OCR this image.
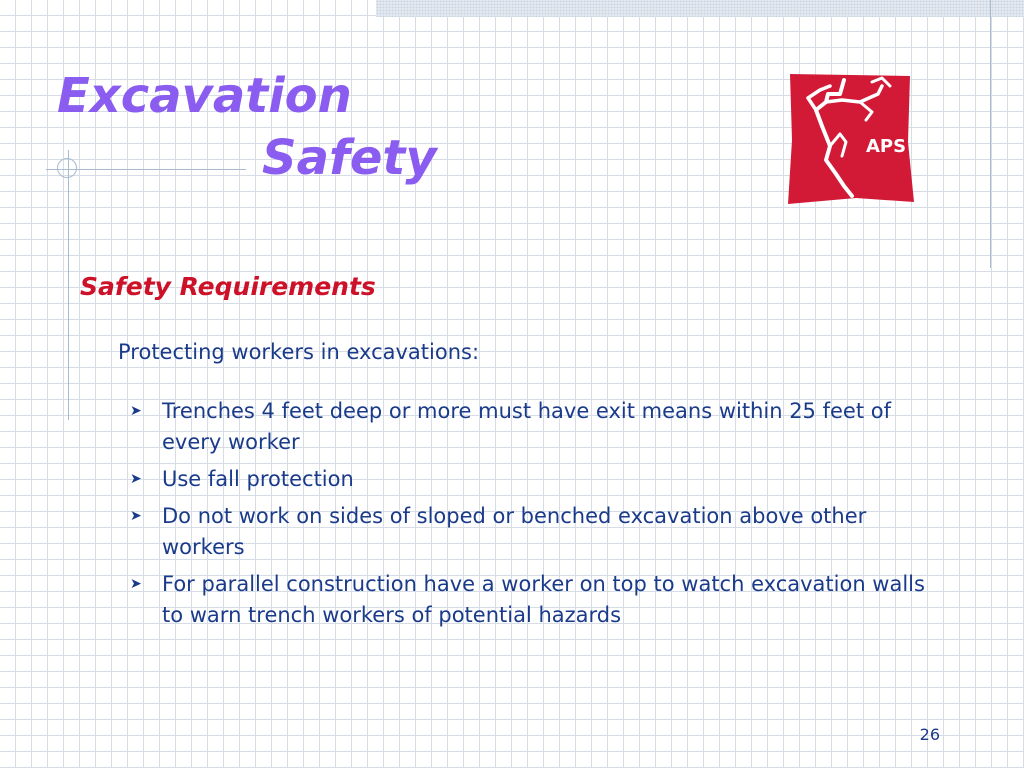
Excavation
Safety	APS
Safety Requirements

Protecting workers in excavations:

➤ Trenches 4 feet deep or more must have exit means within 25 feet of every worker
➤ Use fall protection
➤ Do not work on sides of sloped or benched excavation above other workers
➤ For parallel construction have a worker on top to watch excavation walls to warn trench workers of potential hazards
26
